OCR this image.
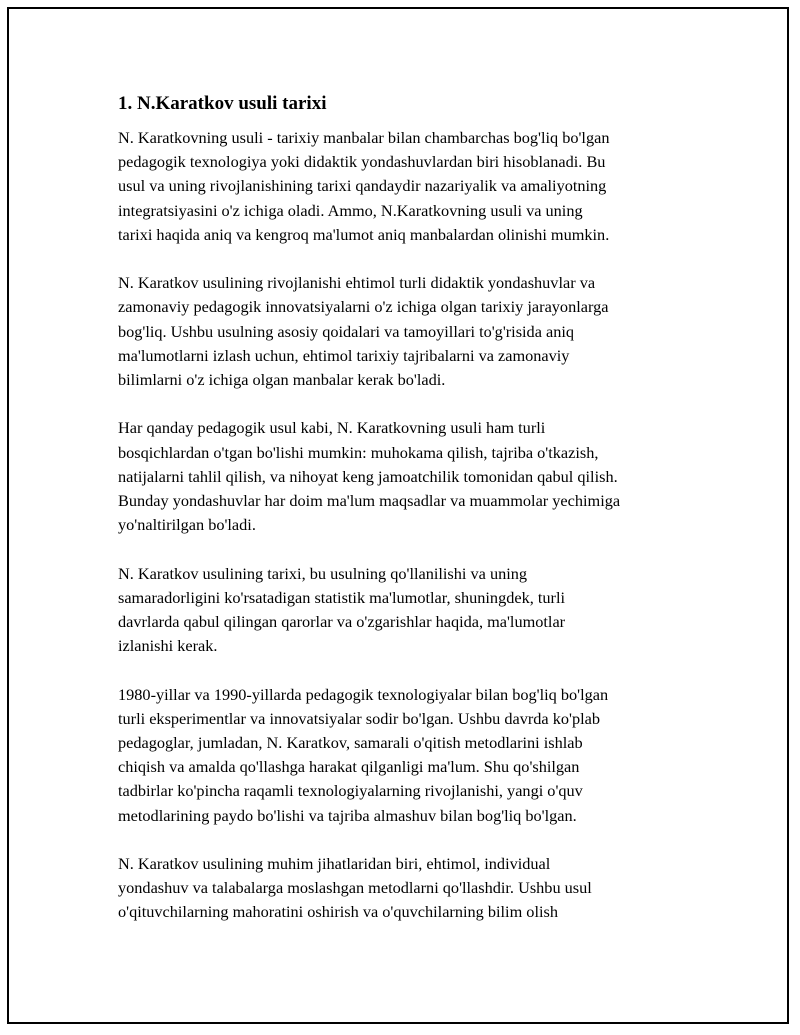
1. N.Karatkov usuli tarixi

N. Karatkovning usuli - tarixiy manbalar bilan chambarchas bog'liq bo'lgan
pedagogik texnologiya yoki didaktik yondashuvlardan biri hisoblanadi. Bu
usul va uning rivojlanishining tarixi qandaydir nazariyalik va amaliyotning
integratsiyasini o'z ichiga oladi. Ammo, N.Karatkovning usuli va uning
tarixi haqida aniq va kengroq ma'lumot aniq manbalardan olinishi mumkin.

N. Karatkov usulining rivojlanishi ehtimol turli didaktik yondashuvlar va
zamonaviy pedagogik innovatsiyalarni o'z ichiga olgan tarixiy jarayonlarga
bog'liq. Ushbu usulning asosiy qoidalari va tamoyillari to'g'risida aniq
ma'lumotlarni izlash uchun, ehtimol tarixiy tajribalarni va zamonaviy
bilimlarni o'z ichiga olgan manbalar kerak bo'ladi.

Har qanday pedagogik usul kabi, N. Karatkovning usuli ham turli
bosqichlardan o'tgan bo'lishi mumkin: muhokama qilish, tajriba o'tkazish,
natijalarni tahlil qilish, va nihoyat keng jamoatchilik tomonidan qabul qilish.
Bunday yondashuvlar har doim ma'lum maqsadlar va muammolar yechimiga
yo'naltirilgan bo'ladi.

N. Karatkov usulining tarixi, bu usulning qo'llanilishi va uning
samaradorligini ko'rsatadigan statistik ma'lumotlar, shuningdek, turli
davrlarda qabul qilingan qarorlar va o'zgarishlar haqida, ma'lumotlar
izlanishi kerak.

1980-yillar va 1990-yillarda pedagogik texnologiyalar bilan bog'liq bo'lgan
turli eksperimentlar va innovatsiyalar sodir bo'lgan. Ushbu davrda ko'plab
pedagoglar, jumladan, N. Karatkov, samarali o'qitish metodlarini ishlab
chiqish va amalda qo'llashga harakat qilganligi ma'lum. Shu qo'shilgan
tadbirlar ko'pincha raqamli texnologiyalarning rivojlanishi, yangi o'quv
metodlarining paydo bo'lishi va tajriba almashuv bilan bog'liq bo'lgan.

N. Karatkov usulining muhim jihatlaridan biri, ehtimol, individual
yondashuv va talabalarga moslashgan metodlarni qo'llashdir. Ushbu usul
o'qituvchilarning mahoratini oshirish va o'quvchilarning bilim olish
